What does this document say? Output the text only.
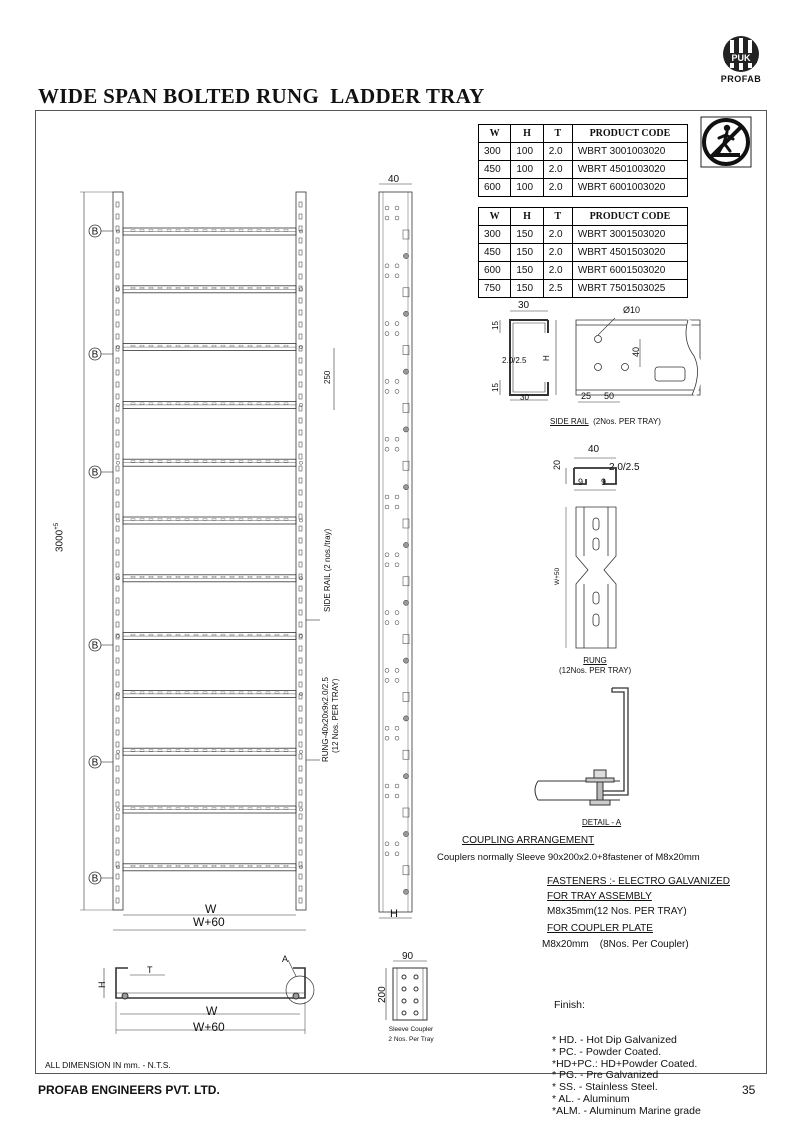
WIDE SPAN BOLTED RUNG  LADDER TRAY
PUK
PROFAB
W	H	T	PRODUCT CODE
300	100	2.0	WBRT 3001003020
450	100	2.0	WBRT 4501003020
600	100	2.0	WBRT 6001003020
W	H	T	PRODUCT CODE
300	150	2.0	WBRT 3001503020
450	150	2.0	WBRT 4501503020
600	150	2.0	WBRT 6001503020
750	150	2.5	WBRT 7501503025
B
B
B
B
B
B
$3000^{+5}$
250
SIDE RAIL (2 nos./tray)
RUNG-40x20x9x2.0/2.5 (12 Nos. PER TRAY)
W
W+60
40
H
30
15
2.0/2.5
15
H
30
Ø10
40
25 50
SIDE RAIL (2Nos. PER TRAY)
40
20
9 9
2.0/2.5
W+50
RUNG
(12Nos. PER TRAY)
DETAIL - A
COUPLING ARRANGEMENT
Couplers normally Sleeve 90x200x2.0+8fastener of M8x20mm
FASTENERS :- ELECTRO GALVANIZED
FOR TRAY ASSEMBLY
M8x35mm(12 Nos. PER TRAY)
FOR COUPLER PLATE
M8x20mm    (8Nos. Per Coupler)
T
H
A
W
W+60
90
200
Sleeve Coupler
2 Nos. Per Tray

Finish:

* HD. - Hot Dip Galvanized
* PC. - Powder Coated.
*HD+PC.: HD+Powder Coated.
* PG. - Pre Galvanized
* SS. - Stainless Steel.
* AL. - Aluminum
*ALM. - Aluminum Marine grade

ALL DIMENSION IN mm. - N.T.S.
PROFAB ENGINEERS PVT. LTD.	35
